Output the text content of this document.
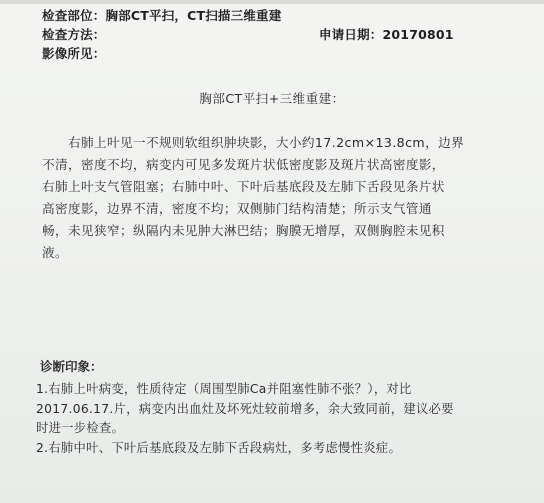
检查部位：胸部CT平扫，CT扫描三维重建
检查方法：	申请日期：20170801
影像所见：
胸部CT平扫+三维重建：
　　右肺上叶见一不规则软组织肿块影，大小约17.2cm×13.8cm，边界
不清，密度不均，病变内可见多发斑片状低密度影及斑片状高密度影，
右肺上叶支气管阻塞；右肺中叶、下叶后基底段及左肺下舌段见条片状
高密度影，边界不清，密度不均；双侧肺门结构清楚；所示支气管通
畅，未见狭窄；纵隔内未见肿大淋巴结；胸膜无增厚，双侧胸腔未见积
液。
诊断印象：
1.右肺上叶病变，性质待定（周围型肺Ca并阻塞性肺不张？），对比
2017.06.17.片，病变内出血灶及坏死灶较前增多，余大致同前，建议必要
时进一步检查。
2.右肺中叶、下叶后基底段及左肺下舌段病灶，多考虑慢性炎症。
